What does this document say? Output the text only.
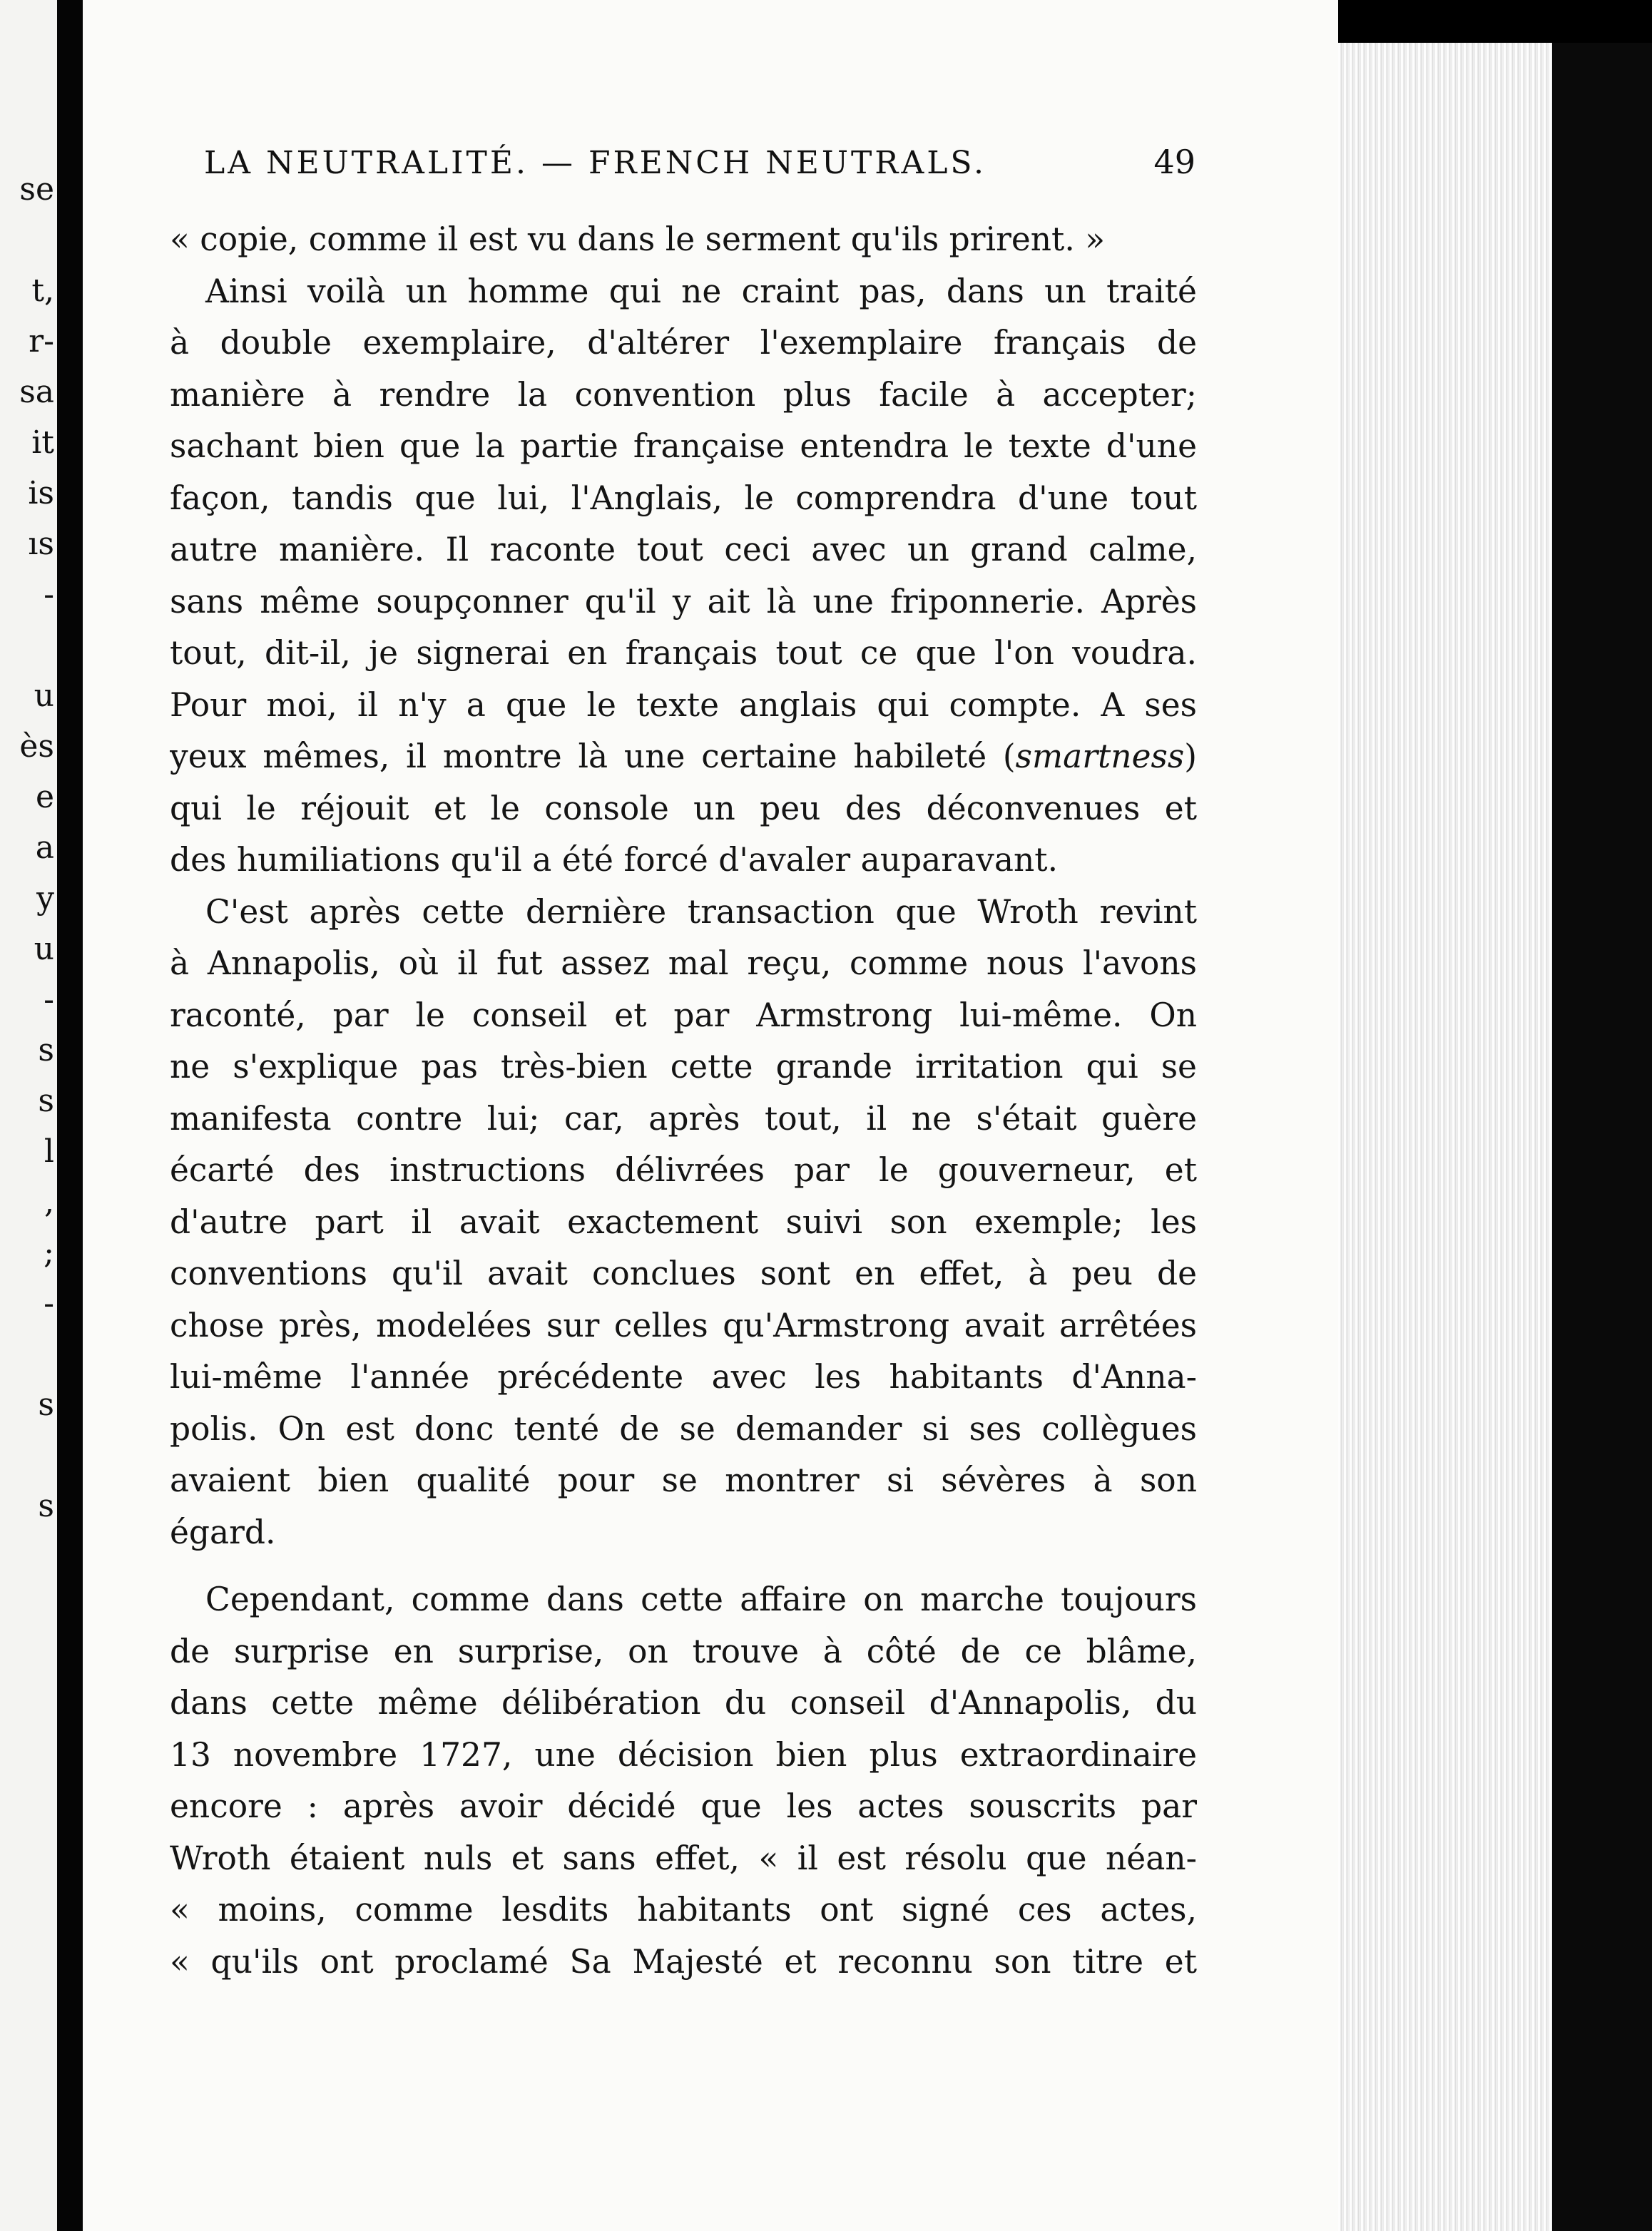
se
t,
r-
sa
it
is
ıs
-
u
ès
e
a
y
u
-
s
s
l
,
;
-
s
s
LA NEUTRALITÉ. — FRENCH NEUTRALS.	49
« copie, comme il est vu dans le serment qu'ils prirent. »
Ainsi voilà un homme qui ne craint pas, dans un traité
à double exemplaire, d'altérer l'exemplaire français de
manière à rendre la convention plus facile à accepter;
sachant bien que la partie française entendra le texte d'une
façon, tandis que lui, l'Anglais, le comprendra d'une tout
autre manière. Il raconte tout ceci avec un grand calme,
sans même soupçonner qu'il y ait là une friponnerie. Après
tout, dit-il, je signerai en français tout ce que l'on voudra.
Pour moi, il n'y a que le texte anglais qui compte. A ses
yeux mêmes, il montre là une certaine habileté (smartness)
qui le réjouit et le console un peu des déconvenues et
des humiliations qu'il a été forcé d'avaler auparavant.
C'est après cette dernière transaction que Wroth revint
à Annapolis, où il fut assez mal reçu, comme nous l'avons
raconté, par le conseil et par Armstrong lui-même. On
ne s'explique pas très-bien cette grande irritation qui se
manifesta contre lui; car, après tout, il ne s'était guère
écarté des instructions délivrées par le gouverneur, et
d'autre part il avait exactement suivi son exemple; les
conventions qu'il avait conclues sont en effet, à peu de
chose près, modelées sur celles qu'Armstrong avait arrêtées
lui-même l'année précédente avec les habitants d'Anna-
polis. On est donc tenté de se demander si ses collègues
avaient bien qualité pour se montrer si sévères à son
égard.
Cependant, comme dans cette affaire on marche toujours
de surprise en surprise, on trouve à côté de ce blâme,
dans cette même délibération du conseil d'Annapolis, du
13 novembre 1727, une décision bien plus extraordinaire
encore : après avoir décidé que les actes souscrits par
Wroth étaient nuls et sans effet, « il est résolu que néan-
« moins, comme lesdits habitants ont signé ces actes,
« qu'ils ont proclamé Sa Majesté et reconnu son titre et
